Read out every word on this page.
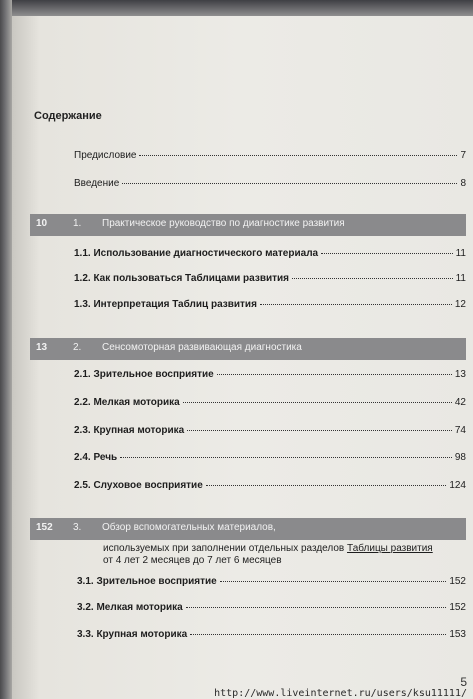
Содержание
Предисловие	7
Введение	8
10	1. Практическое руководство по диагностике развития
1.1. Использование диагностического материала	11
1.2. Как пользоваться Таблицами развития	11
1.3. Интерпретация Таблиц развития	12
13	2. Сенсомоторная развивающая диагностика
2.1. Зрительное восприятие	13
2.2. Мелкая моторика	42
2.3. Крупная моторика	74
2.4. Речь	98
2.5. Слуховое восприятие	124
152 3. Обзор вспомогательных материалов,
используемых при заполнении отдельных разделов Таблицы развития
от 4 лет 2 месяцев до 7 лет 6 месяцев
3.1. Зрительное восприятие	152
3.2. Мелкая моторика	152
3.3. Крупная моторика	153
5
http://www.liveinternet.ru/users/ksu11111/
